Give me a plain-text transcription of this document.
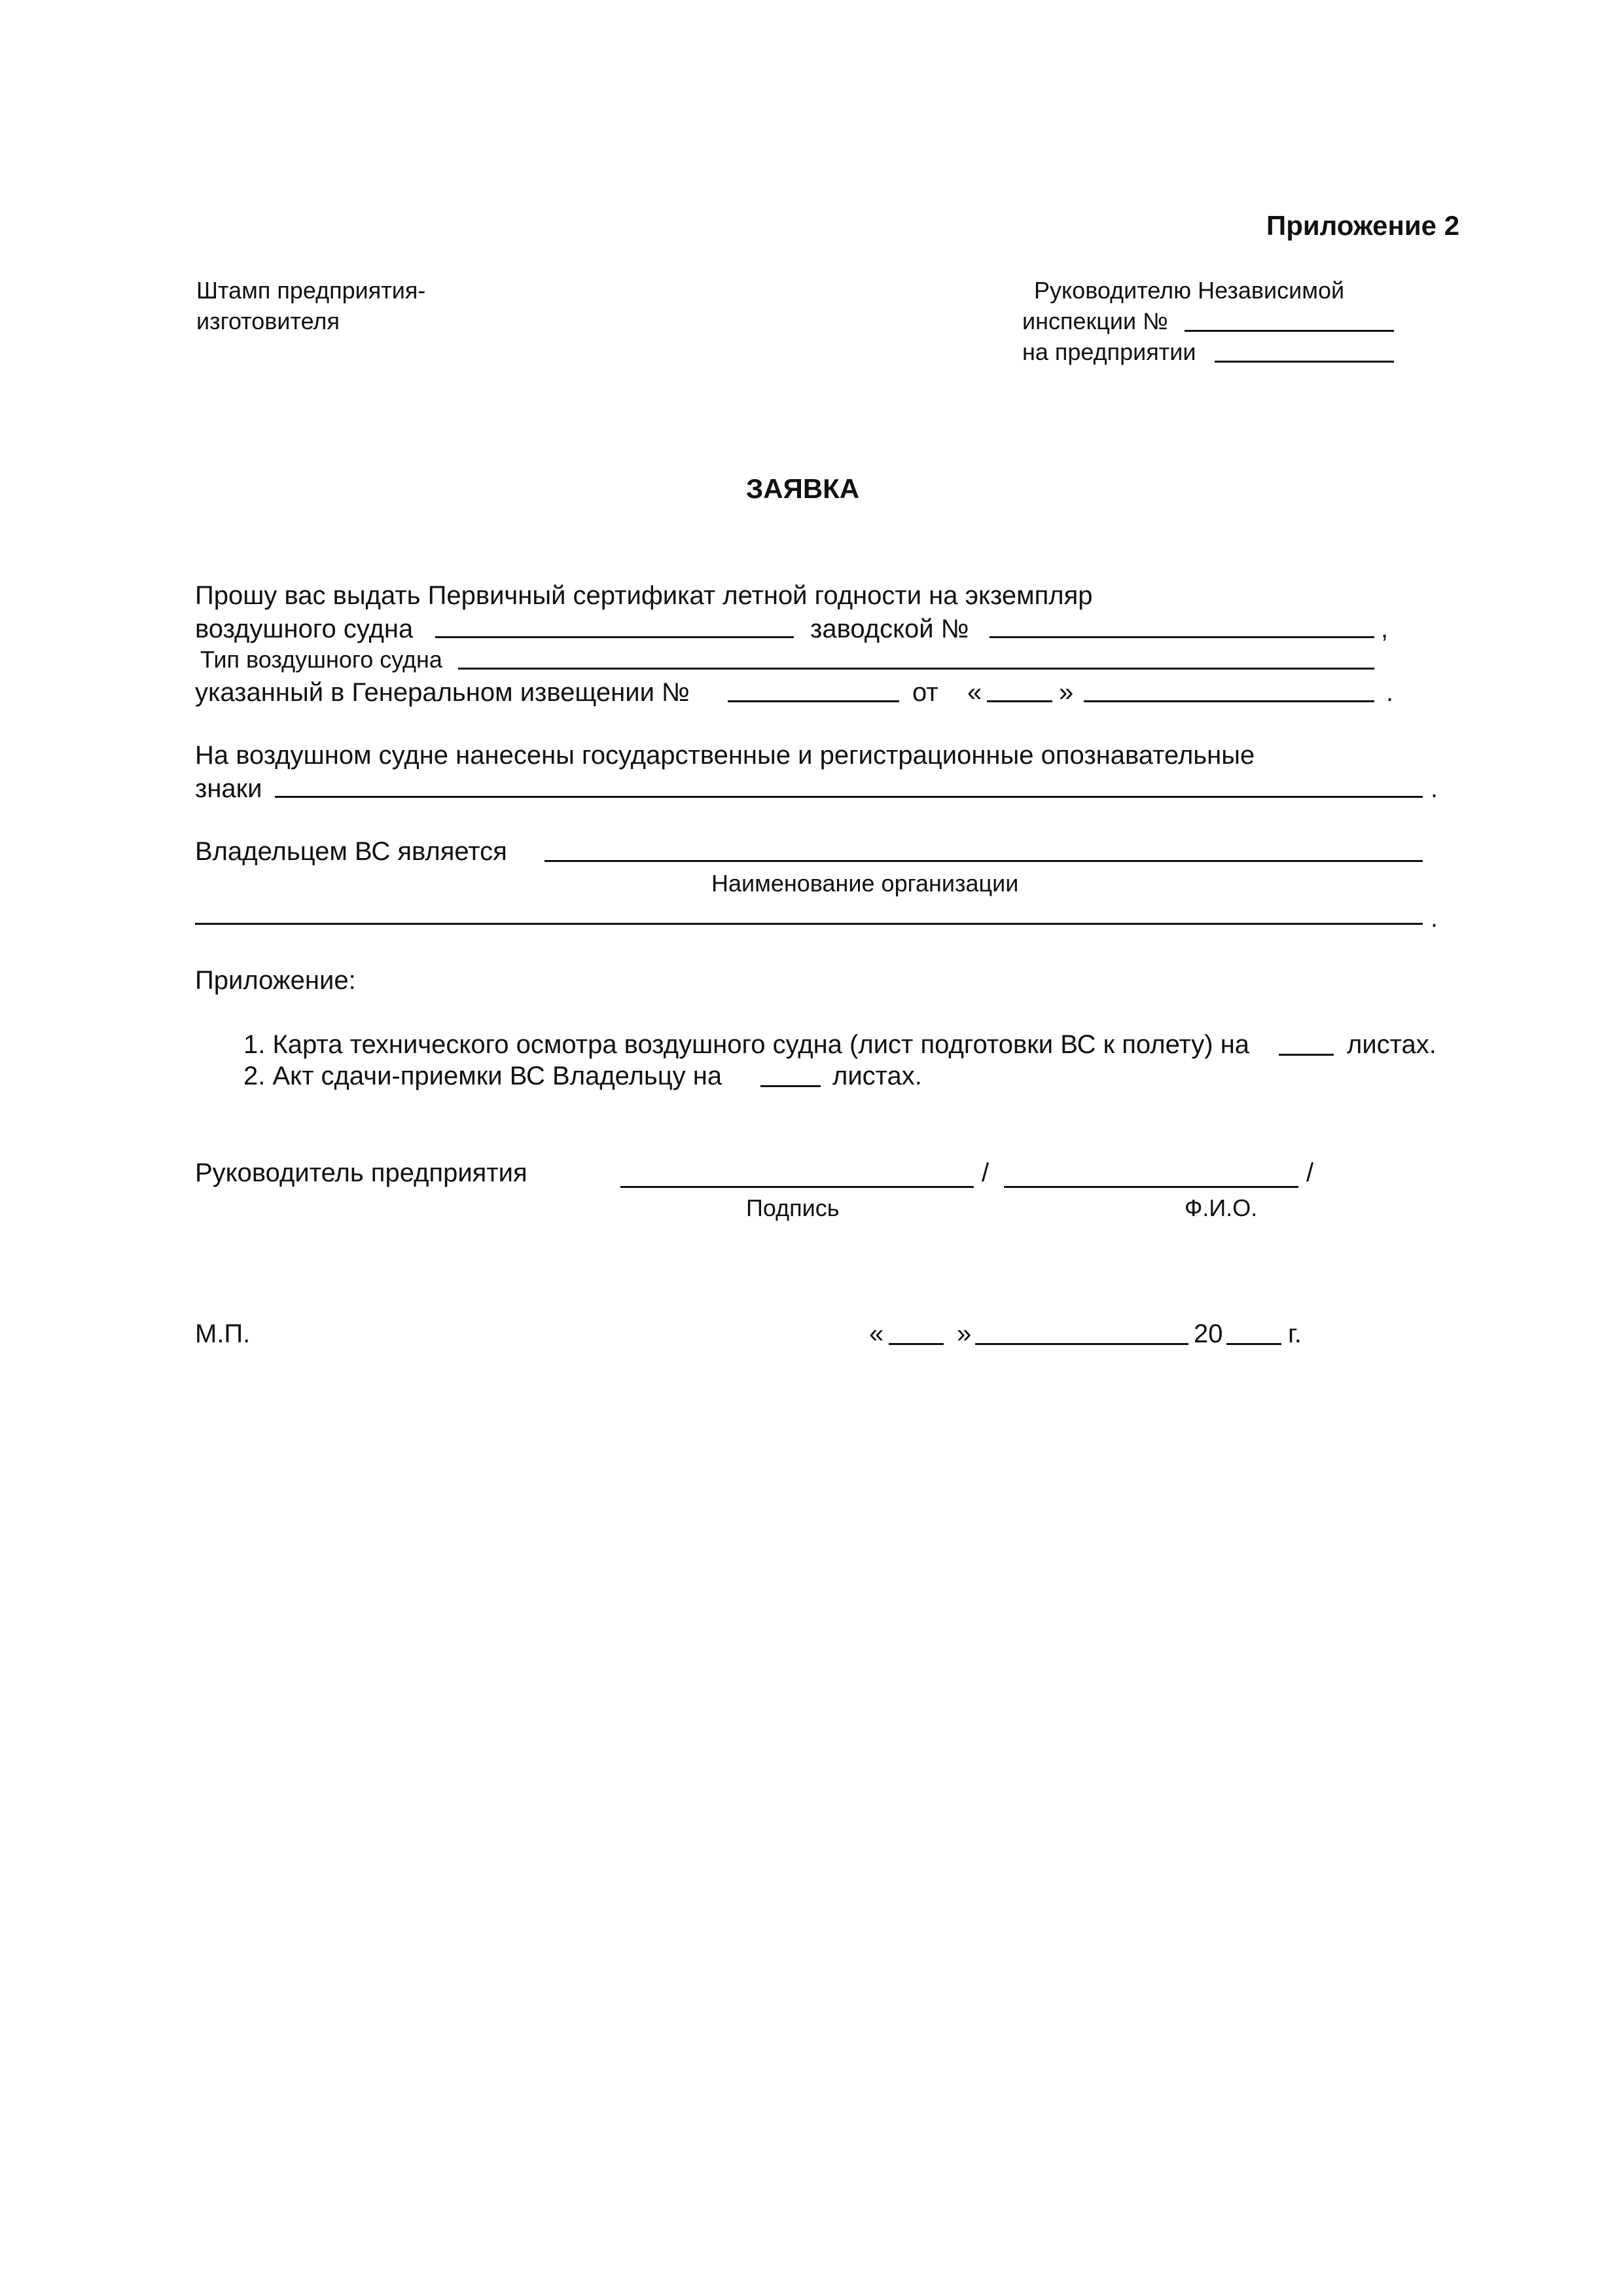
Приложение 2
Штамп предприятия-
изготовителя
Руководителю Независимой
инспекции №
на предприятии
ЗАЯВКА
Прошу вас выдать Первичный сертификат летной годности на экземпляр
воздушного судна	заводской №	,
Тип воздушного судна
указанный в Генеральном извещении №	от «	»	.
На воздушном судне нанесены государственные и регистрационные опознавательные
знаки	.
Владельцем ВС является
Наименование организации
.
Приложение:
1. Карта технического осмотра воздушного судна (лист подготовки ВС к полету) на	листах.
2. Акт сдачи-приемки ВС Владельцу на	листах.
Руководитель предприятия	/	/
Подпись	Ф.И.О.
М.П.	«	»	20 г.
